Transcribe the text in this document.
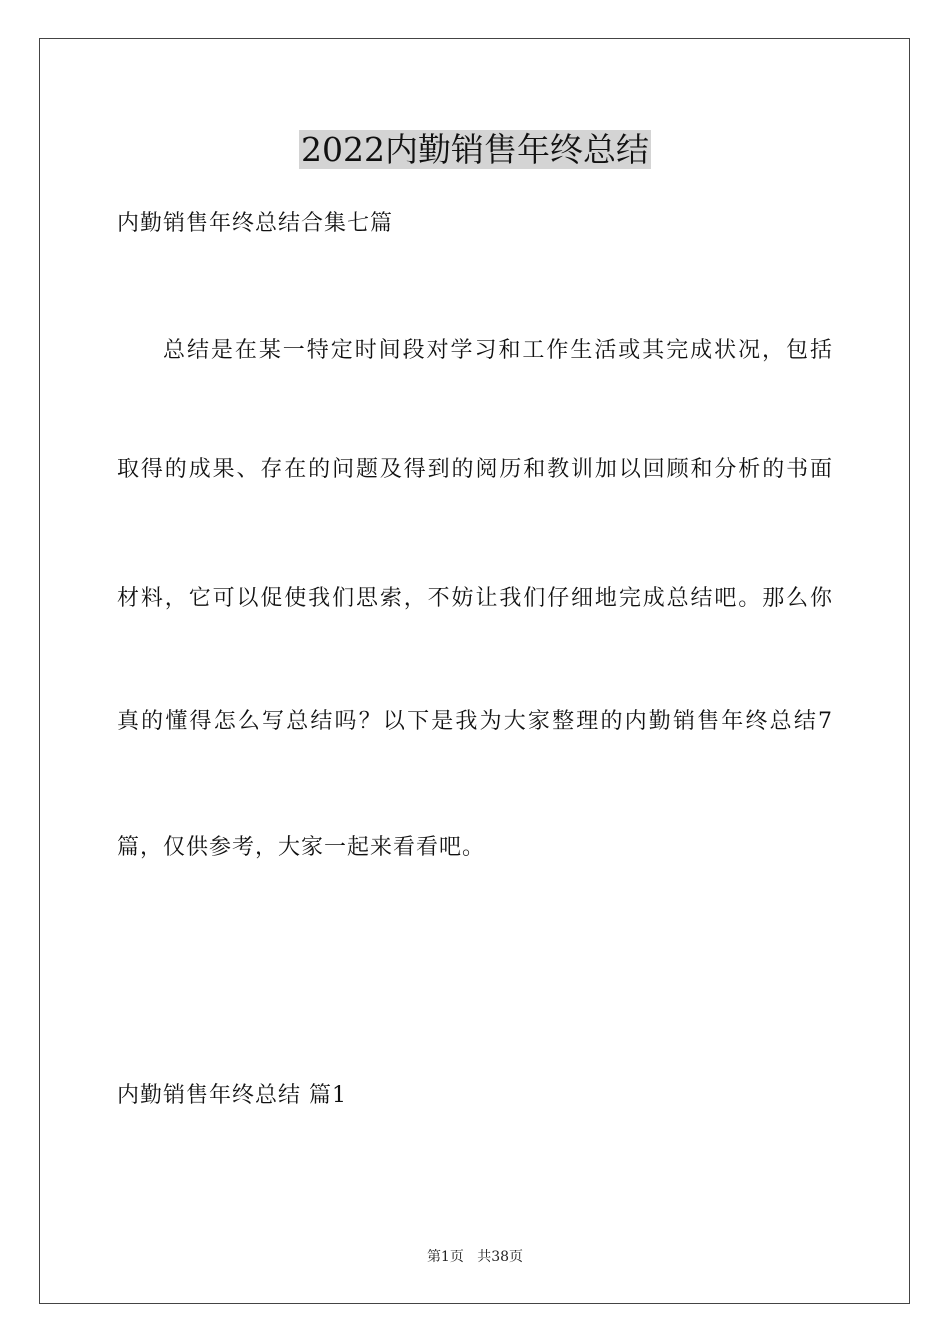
2022内勤销售年终总结
内勤销售年终总结合集七篇
总结是在某一特定时间段对学习和工作生活或其完成状况，包括
取得的成果、存在的问题及得到的阅历和教训加以回顾和分析的书面
材料，它可以促使我们思索，不妨让我们仔细地完成总结吧。那么你
真的懂得怎么写总结吗？以下是我为大家整理的内勤销售年终总结7
篇，仅供参考，大家一起来看看吧。
内勤销售年终总结 篇1
第1页 共38页
